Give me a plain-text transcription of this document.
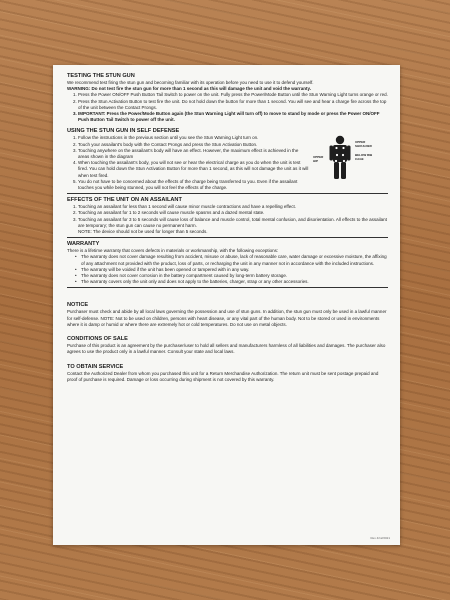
TESTING THE STUN GUN

We recommend test firing the stun gun and becoming familiar with its operation before you need to use it to defend yourself.

WARNING: Do not test fire the stun gun for more than 1 second as this will damage the unit and void the warranty.

1. Press the Power ON/OFF Push Button Tail Switch to power on the unit. Fully press the Power/Mode Button until the Stun Warning Light turns orange or red.
2. Press the Stun Activation Button to test fire the unit. Do not hold down the button for more than 1 second. You will see and hear a charge fire across the top of the unit between the Contact Prongs.
3. IMPORTANT: Press the Power/Mode Button again (the Stun Warning Light will turn off) to move to stand by mode or press the Power ON/OFF Push Button Tail Switch to power off the unit.
USING THE STUN GUN IN SELF DEFENSE
1. Follow the instructions in the previous section until you see the Stun Warning Light turn on.
2. Touch your assailant's body with the Contact Prongs and press the Stun Activation Button.
3. Touching anywhere on the assailant's body will have an effect. However, the maximum effect is achieved in the areas shown in the diagram
4. When touching the assailant's body, you will not see or hear the electrical charge as you do when the unit is test fired. You can hold down the Stun Activation Button for more than 1 second, as this will not damage the unit as it will when test fired.
5. You do not have to be concerned about the effects of the charge being transferred to you. Even if the assailant touches you while being stunned, you will not feel the effects of the charge.
UPPER SHOULDER
BELOW RIB CAGE
UPPER HIP
EFFECTS OF THE UNIT ON AN ASSAILANT
1. Touching an assailant for less than 1 second will cause minor muscle contractions and have a repelling effect.
2. Touching an assailant for 1 to 2 seconds will cause muscle spasms and a dazed mental state.
3. Touching an assailant for 3 to 5 seconds will cause loss of balance and muscle control, total mental confusion, and disorientation. All effects to the assailant are temporary; the stun gun can cause no permanent harm.

NOTE: The device should not be used for longer than 5 seconds.

WARRANTY

There is a lifetime warranty that covers defects in materials or workmanship, with the following exceptions:

• The warranty does not cover damage resulting from accident, misuse or abuse, lack of reasonable care, water damage or excessive moisture, the affixing of any attachment not provided with the product, loss of parts, or recharging the unit in any manner not in accordance with the included instructions.
• The warranty will be voided if the unit has been opened or tampered with in any way.
• The warranty does not cover corrosion in the battery compartment caused by long-term battery storage.
• The warranty covers only the unit only and does not apply to the batteries, charger, strap or any other accessories.
NOTICE

Purchaser must check and abide by all local laws governing the possession and use of stun guns. In addition, the stun gun must only be used in a lawful manner for self-defense. NOTE: Not to be used on children, persons with heart disease, or any vital part of the human body. Not to be stored or used in environments where it is damp or humid or where there are extremely hot or cold temperatures. Do not use on metal objects.

CONDITIONS OF SALE

Purchase of this product is an agreement by the purchaser/user to hold all sellers and manufacturers harmless of all liabilities and damages. The purchaser also agrees to use the product only in a lawful manner. Consult your state and local laws.

TO OBTAIN SERVICE

Contact the Authorized Dealer from whom you purchased this unit for a Return Merchandise Authorization. The return unit must be sent postage prepaid and proof of purchase is required. Damage or loss occurring during shipment is not covered by this warranty.

Rev 4/12/2021
